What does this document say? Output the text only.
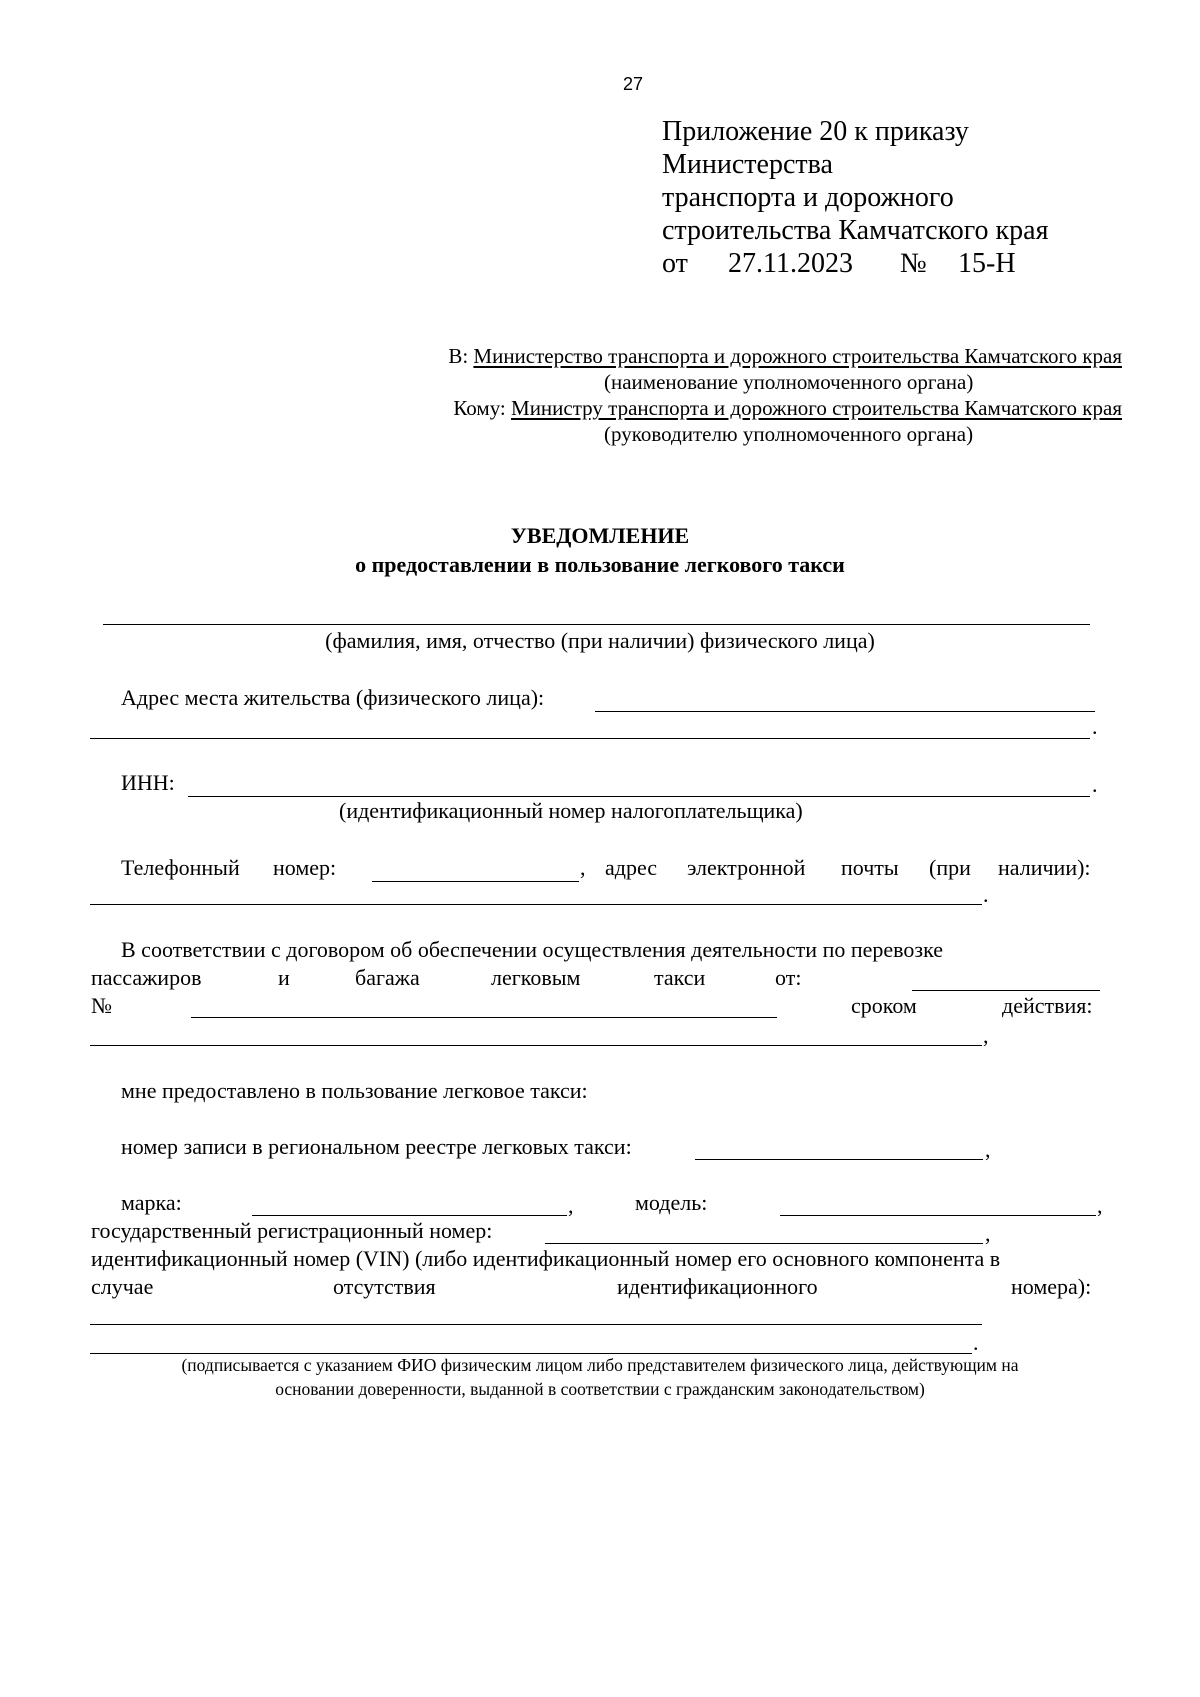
27
Приложение 20 к приказу
Министерства
транспорта и дорожного
строительства Камчатского края
от 27.11.2023 № 15-Н
В: Министерство транспорта и дорожного строительства Камчатского края
(наименование уполномоченного органа)
Кому: Министру транспорта и дорожного строительства Камчатского края
(руководителю уполномоченного органа)
УВЕДОМЛЕНИЕ
о предоставлении в пользование легкового такси
(фамилия, имя, отчество (при наличии) физического лица)
Адрес места жительства (физического лица):
.
ИНН:	.
(идентификационный номер налогоплательщика)
Телефонный номер:	, адрес электронной почты (при наличии):
.
В соответствии с договором об обеспечении осуществления деятельности по перевозке
пассажиров	и	багажа	легковым	такси	от:
№	сроком	действия:
,
мне предоставлено в пользование легковое такси:
номер записи в региональном реестре легковых такси:	,
марка:	,	модель:	,
государственный регистрационный номер:	,
идентификационный номер (VIN) (либо идентификационный номер его основного компонента в
случае	отсутствия	идентификационного	номера):
.
(подписывается с указанием ФИО физическим лицом либо представителем физического лица, действующим на
основании доверенности, выданной в соответствии с гражданским законодательством)
